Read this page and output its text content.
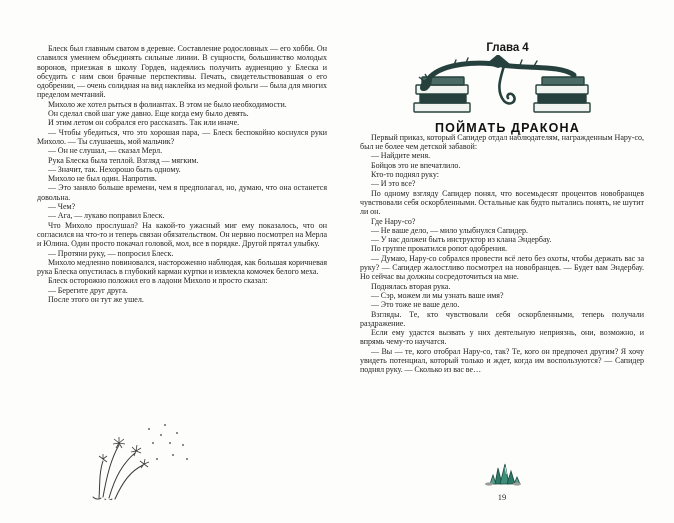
Блеск был главным сватом в деревне. Составление родословных — его хобби. Он славился умением объединять сильные линии. В сущности, большинство молодых воронов, приезжая в школу Гордев, надеялись получить аудиенцию у Блеска и обсудить с ним свои брачные перспективы. Печать, свидетельствовавшая о его одобрении, — очень солидная на вид наклейка из медной фольги — была для многих пределом мечтаний.

Михоло же хотел рыться в фолиантах. В этом не было необходимости.

Он сделал свой шаг уже давно. Еще когда ему было девять.

И этим летом он собрался его рассказать. Так или иначе.

— Чтобы убедиться, что это хорошая пара, — Блеск беспокойно коснулся руки Михоло. — Ты слушаешь, мой мальчик?

— Он не слушал, — сказал Мерл.

Рука Блеска была теплой. Взгляд — мягким.

— Значит, так. Нехорошо быть одному.

Михоло не был один. Напротив.

— Это заняло больше времени, чем я предполагал, но, думаю, что она останется довольна.

— Чем?

— Ага, — лукаво поправил Блеск.

Что Михоло прослушал? На какой-то ужасный миг ему показалось, что он согласился на что-то и теперь связан обязательством. Он нервно посмотрел на Мерла и Юлина. Один просто покачал головой, мол, все в порядке. Другой прятал улыбку.

— Протяни руку, — попросил Блеск.

Михоло медленно повиновался, настороженно наблюдая, как большая коричневая рука Блеска опустилась в глубокий карман куртки и извлекла комочек белого меха.

Блеск осторожно положил его в ладони Михоло и просто сказал:

— Берегите друг друга.

После этого он тут же ушел.

Глава 4

ПОЙМАТЬ ДРАКОНА

Первый приказ, который Сапидер отдал наблюдателям, награжденным Нару-со, был не более чем детской забавой:

— Найдите меня.

Бойцов это не впечатлило.

Кто-то поднял руку:

— И это все?

По одному взгляду Сапидер понял, что восемьдесят процентов новобранцев чувствовали себя оскорбленными. Остальные как будто пытались понять, не шутит ли он.

Где Нару-со?

— Не ваше дело, — мило улыбнулся Сапидер.

— У нас должен быть инструктор из клана Эндербау.

По группе прокатился ропот одобрения.

— Думаю, Нару-со собрался провести всё лето без охоты, чтобы держать вас за руку? — Сапидер жалостливо посмотрел на новобранцев. — Будет вам Эндербау. Но сейчас вы должны сосредоточиться на мне.

Поднялась вторая рука.

— Сэр, можем ли мы узнать ваше имя?

— Это тоже не ваше дело.

Взгляды. Те, кто чувствовали себя оскорбленными, теперь получали раздражение.

Если ему удастся вызвать у них деятельную неприязнь, они, возможно, и впрямь чему-то научатся.

— Вы — те, кого отобрал Нару-со, так? Те, кого он предпочел другим? Я хочу увидеть потенциал, который только и ждет, когда им воспользуются? — Сапидер поднял руку. — Сколько из вас ве…

19
